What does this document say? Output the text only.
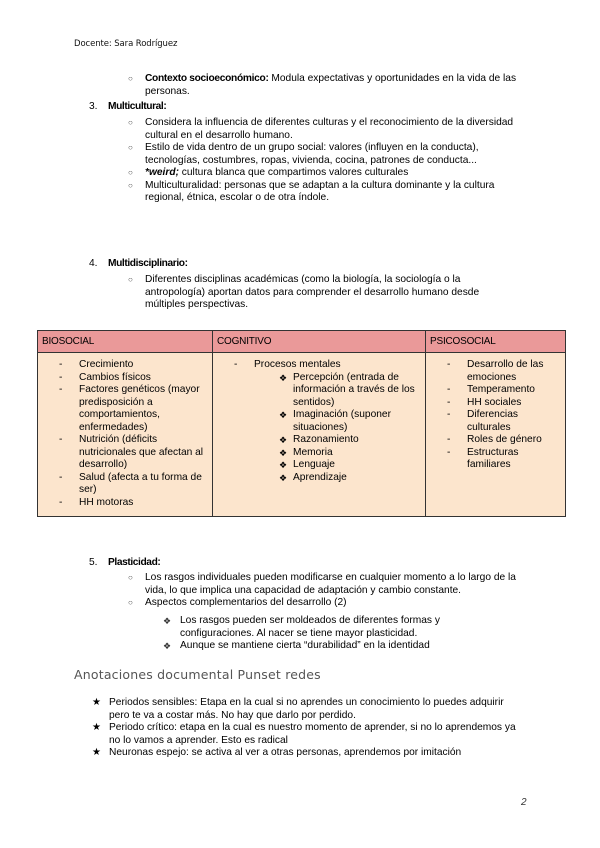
Docente: Sara Rodríguez
○ Contexto socioeconómico: Modula expectativas y oportunidades en la vida de las personas.
3. Multicultural:
○ Considera la influencia de diferentes culturas y el reconocimiento de la diversidad cultural en el desarrollo humano.
○ Estilo de vida dentro de un grupo social: valores (influyen en la conducta), tecnologías, costumbres, ropas, vivienda, cocina, patrones de conducta...
○ *weird; cultura blanca que compartimos valores culturales
○ Multiculturalidad: personas que se adaptan a la cultura dominante y la cultura regional, étnica, escolar o de otra índole.
4. Multidisciplinario:
○ Diferentes disciplinas académicas (como la biología, la sociología o la antropología) aportan datos para comprender el desarrollo humano desde múltiples perspectivas.
BIOSOCIAL	COGNITIVO	PSICOSOCIAL

- Crecimiento
- Cambios físicos
- Factores genéticos (mayor predisposición a comportamientos, enfermedades)
- Nutrición (déficits nutricionales que afectan al desarrollo)
- Salud (afecta a tu forma de ser)
- HH motoras

- Procesos mentales
❖ Percepción (entrada de información a través de los sentidos)
❖ Imaginación (suponer situaciones)
❖ Razonamiento
❖ Memoria
❖ Lenguaje
❖ Aprendizaje

- Desarrollo de las emociones
- Temperamento
- HH sociales
- Diferencias culturales
- Roles de género
- Estructuras familiares
5. Plasticidad:
○ Los rasgos individuales pueden modificarse en cualquier momento a lo largo de la vida, lo que implica una capacidad de adaptación y cambio constante.
○ Aspectos complementarios del desarrollo (2)
❖ Los rasgos pueden ser moldeados de diferentes formas y configuraciones. Al nacer se tiene mayor plasticidad.
❖ Aunque se mantiene cierta “durabilidad” en la identidad
Anotaciones documental Punset redes
★ Periodos sensibles: Etapa en la cual si no aprendes un conocimiento lo puedes adquirir pero te va a costar más. No hay que darlo por perdido.
★ Periodo crítico: etapa en la cual es nuestro momento de aprender, si no lo aprendemos ya no lo vamos a aprender. Esto es radical
★ Neuronas espejo: se activa al ver a otras personas, aprendemos por imitación
2
